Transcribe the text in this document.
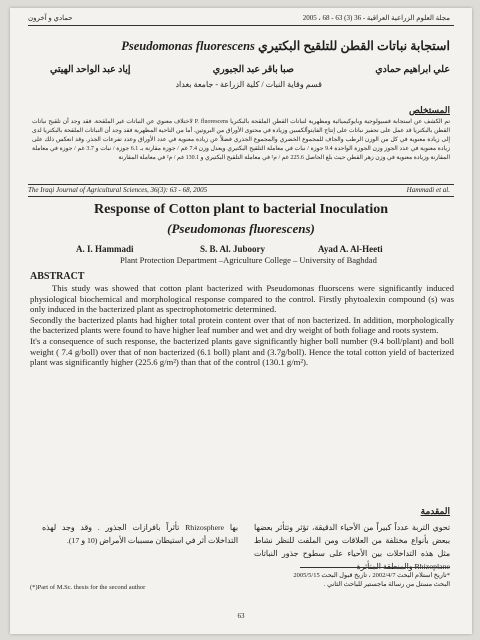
مجلة العلوم الزراعية العراقية - 36 (3) 63 - 68 ، 2005
حمادي و آخرون
استجابة نباتات القطن للتلقيح البكتيري Pseudomonas fluorescens
علي ابراهيم حمادي
صبا باقر عبد الجبوري
إياد عبد الواحد الهيتي
قسم وقاية النبات / كلية الزراعة - جامعة بغداد
المستخلص
تم الكشف عن استجابة فسيولوجية وبايوكيميائية ومظهرية لنباتات القطن الملقحة بالبكتريا P. fluorescens لاختلاف معنوي عن النباتات غير الملقحة. فقد وجد أن تلقيح نباتات القطن بالبكتريا قد عمل على تحفيز نباتات على إنتاج الفايتوألكسين وزيادة في محتوى الأوراق من البروتين. أما من الناحية المظهرية فقد وجد أن النباتات الملقحة بالبكتريا لدى إلى زيادة معنوية في كل من الوزن الرطب والجاف للمجموع الخضري والمجموع الجذري فضلاً عن زيادة معنوية في عدد الأوراق وعدد تفرعات الجذر. وقد انعكس ذلك على زيادة معنوية في عدد الجوز وزن الجوزة الواحدة 9.4 جوزة / نبات في معاملة التلقيح البكتيري ويعدل وزن 7.4 غم / جوزة مقارنة بـ 6.1 جوزة / نبات و 3.7 غم / جوزة في معاملة المقارنة وزيادة معنوية في وزن زهر القطن حيث بلغ الحاصل 225.6 غم / م² في معاملة التلقيح البكتيري و 130.1 غم / م² في معاملة المقارنة
The Iraqi Journal of Agricultural Sciences, 36(3): 63 - 68, 2005	Hammadi et al.
Response of Cotton plant to bacterial Inoculation
(Pseudomonas fluorescens)
A. I. Hammadi	S. B. Al. Juboory	Ayad A. Al-Heeti
Plant Protection Department –Agriculture College – University of Baghdad
ABSTRACT

This study was showed that cotton plant bacterized with Pseudomonas fluorscens were significantly induced physiological biochemical and morphological response compared to the control. Firstly phytoalexin compound (s) was only induced in the bacterized plant as spectrophotometric determined.

Secondly the bacterized plants had higher total protein content over that of non bacterized. In addition, morphologically the bacterized plants were found to have higher leaf number and wet and dry weight of both foliage and roots system.

It's a consequence of such response, the bacterized plants gave significantly higher boll number (9.4 boll/plant) and boll weight ( 7.4 g/boll) over that of non bacterized (6.1 boll) plant and (3.7g/boll). Hence the total cotton yield of bacterized plant was significantly higher (225.6 g/m²) than that of the control (130.1 g/m²).

المقدمة
تحوي التربة عدداً كبيراً من الأحياء الدقيقة، تؤثر وتتأثر بعضها ببعض بأنواع مختلفة من العلاقات ومن الملفت للنظر نشاط مثل هذه التداخلات بين الأحياء على سطوح جذور النباتات
بها Rhizosphere تأثراً بافرازات الجذور . وقد وجد لهذه التداخلات أثر في استيطان مسببات الأمراض (10 و 17).
*تاريخ استلام البحث 2002/4/7 ، تاريخ قبول البحث 2005/5/15
البحث مستل من رسالة ماجستير للباحث الثاني .
(*)Part of M.Sc. thesis for the second author
63
